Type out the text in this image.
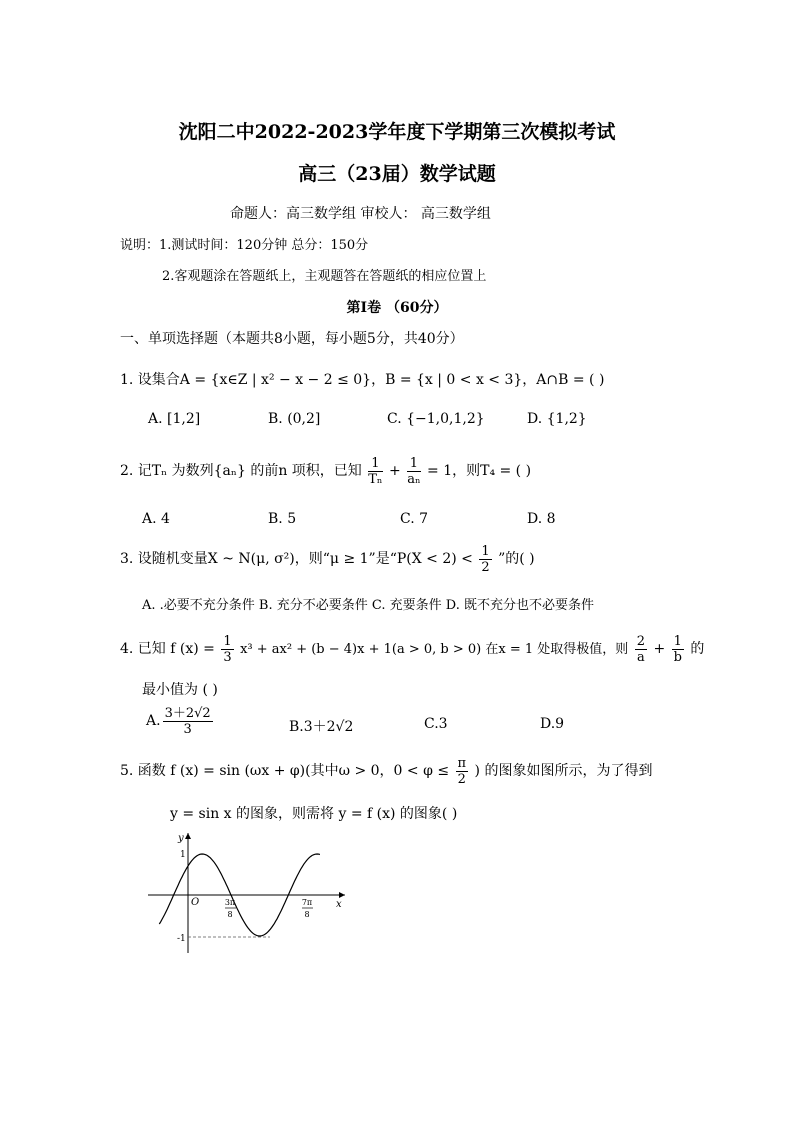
沈阳二中2022-2023学年度下学期第三次模拟考试
高三（23届）数学试题
命题人：高三数学组 审校人： 高三数学组
说明：1.测试时间：120分钟 总分：150分
2.客观题涂在答题纸上，主观题答在答题纸的相应位置上
第Ⅰ卷 （60分）
一、单项选择题（本题共8小题，每小题5分，共40分）
1. 设集合A = {x∈Z | x² − x − 2 ≤ 0}，B = {x | 0 < x < 3}，A∩B = ( )
A. [1,2]	B. (0,2]	C. {−1,0,1,2}	D. {1,2}
2. 记Tₙ 为数列{aₙ} 的前n 项积，已知 $\frac{1}{\text{Tₙ}} + \frac{1}{\text{aₙ}} = 1$，则T₄ = ( )
A. 4	B. 5	C. 7	D. 8
3. 设随机变量X ~ N(μ, σ²)，则“μ ≥ 1”是“$P(X < 2) < \frac{1}{2}$ ”的( )
A. .必要不充分条件 B. 充分不必要条件 C. 充要条件 D. 既不充分也不必要条件
4. 已知 f $(x) = \frac{1}{3} x^3 + ax^2 + (b - 4)x + 1(a > 0$, b > 0) 在x = 1 处取得极值，则 $\frac{2}{a} + \frac{1}{b}$ 的
最小值为 ( )
A. $\frac{3+2√2}{3}$	B.3＋2√2	C.3	D.9
5. 函数 f (x) = sin (ωx + φ)(其中ω > 0，$0 < \varphi \le \frac{\pi}{2}$ ) 的图象如图所示，为了得到
y = sin x 的图象，则需将 y = f (x) 的图象( )
y
x
O
1
-1
3π
8
7π
8
